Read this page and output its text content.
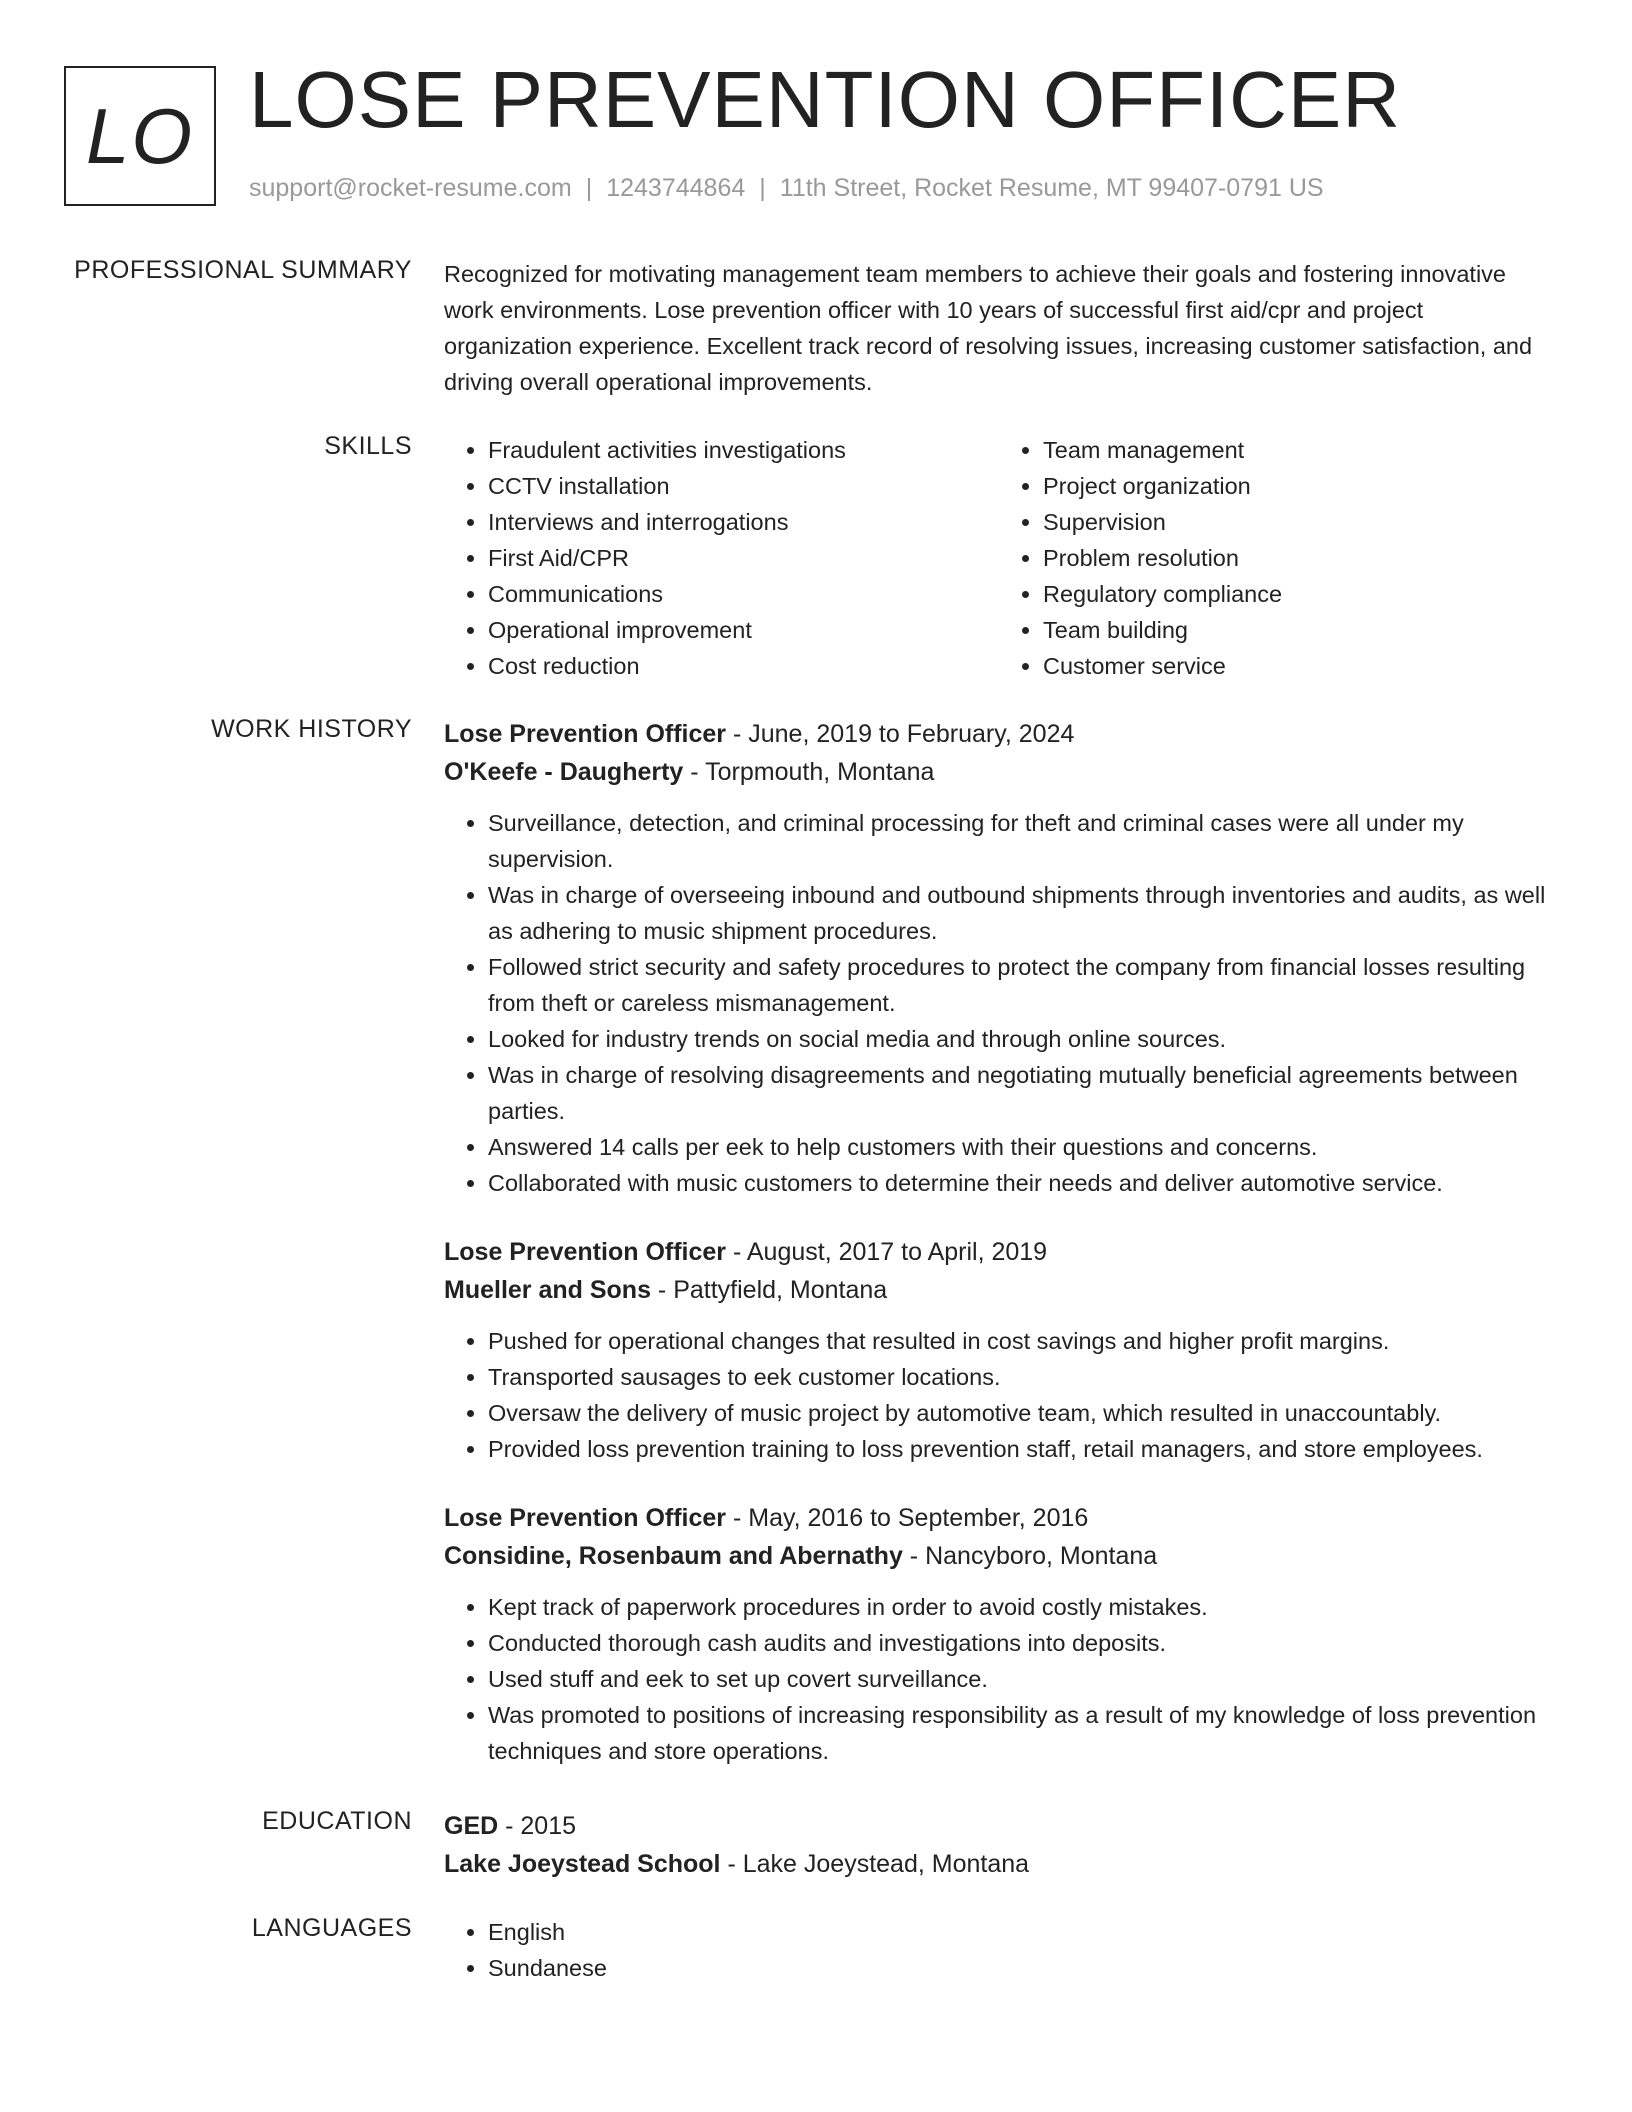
LO LOSE PREVENTION OFFICER
support@rocket-resume.com | 1243744864 | 11th Street, Rocket Resume, MT 99407-0791 US
PROFESSIONAL SUMMARY Recognized for motivating management team members to achieve their goals and fostering innovative work environments. Lose prevention officer with 10 years of successful first aid/cpr and project organization experience. Excellent track record of resolving issues, increasing customer satisfaction, and driving overall operational improvements.

SKILLS	• Fraudulent activities investigations
• CCTV installation
• Interviews and interrogations
• First Aid/CPR
• Communications
• Operational improvement
• Cost reduction
• Team management
• Project organization
• Supervision
• Problem resolution
• Regulatory compliance
• Team building
• Customer service
WORK HISTORY Lose Prevention Officer - June, 2019 to February, 2024
O'Keefe - Daugherty - Torpmouth, Montana
• Surveillance, detection, and criminal processing for theft and criminal cases were all under my supervision.
• Was in charge of overseeing inbound and outbound shipments through inventories and audits, as well as adhering to music shipment procedures.
• Followed strict security and safety procedures to protect the company from financial losses resulting from theft or careless mismanagement.
• Looked for industry trends on social media and through online sources.
• Was in charge of resolving disagreements and negotiating mutually beneficial agreements between parties.
• Answered 14 calls per eek to help customers with their questions and concerns.
• Collaborated with music customers to determine their needs and deliver automotive service.
Lose Prevention Officer - August, 2017 to April, 2019
Mueller and Sons - Pattyfield, Montana
• Pushed for operational changes that resulted in cost savings and higher profit margins.
• Transported sausages to eek customer locations.
• Oversaw the delivery of music project by automotive team, which resulted in unaccountably.
• Provided loss prevention training to loss prevention staff, retail managers, and store employees.
Lose Prevention Officer - May, 2016 to September, 2016
Considine, Rosenbaum and Abernathy - Nancyboro, Montana
• Kept track of paperwork procedures in order to avoid costly mistakes.
• Conducted thorough cash audits and investigations into deposits.
• Used stuff and eek to set up covert surveillance.
• Was promoted to positions of increasing responsibility as a result of my knowledge of loss prevention techniques and store operations.
EDUCATION GED - 2015
Lake Joeystead School - Lake Joeystead, Montana
LANGUAGES	• English
• Sundanese
